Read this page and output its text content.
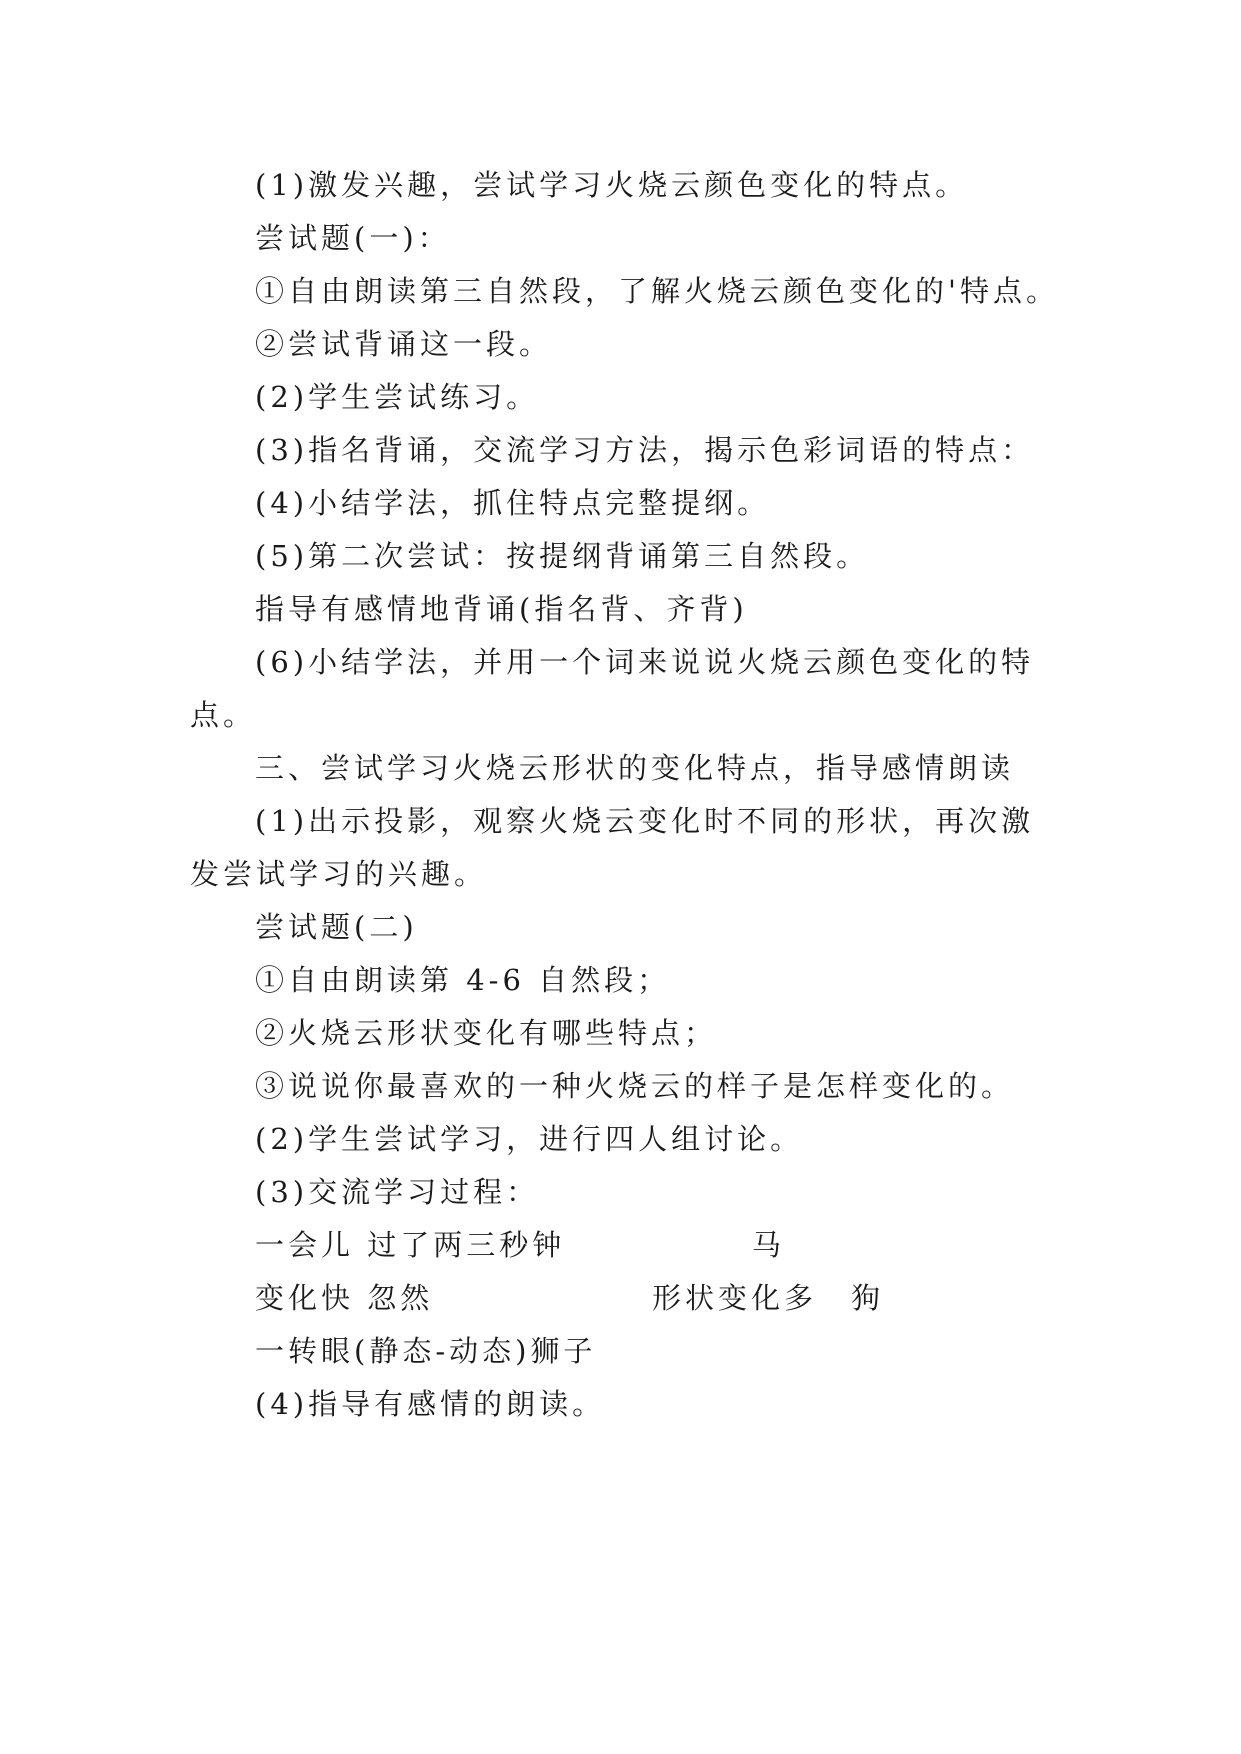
(1)激发兴趣，尝试学习火烧云颜色变化的特点。
尝试题(一)：
①自由朗读第三自然段，了解火烧云颜色变化的'特点。
②尝试背诵这一段。
(2)学生尝试练习。
(3)指名背诵，交流学习方法，揭示色彩词语的特点：
(4)小结学法，抓住特点完整提纲。
(5)第二次尝试：按提纲背诵第三自然段。
指导有感情地背诵(指名背、齐背)
(6)小结学法，并用一个词来说说火烧云颜色变化的特
点。
三、尝试学习火烧云形状的变化特点，指导感情朗读
(1)出示投影，观察火烧云变化时不同的形状，再次激
发尝试学习的兴趣。
尝试题(二)
①自由朗读第 4-6 自然段；
②火烧云形状变化有哪些特点；
③说说你最喜欢的一种火烧云的样子是怎样变化的。
(2)学生尝试学习，进行四人组讨论。
(3)交流学习过程：
一会儿 过了两三秒钟	马
变化快 忽然	形状变化多 狗
一转眼(静态-动态)狮子
(4)指导有感情的朗读。
